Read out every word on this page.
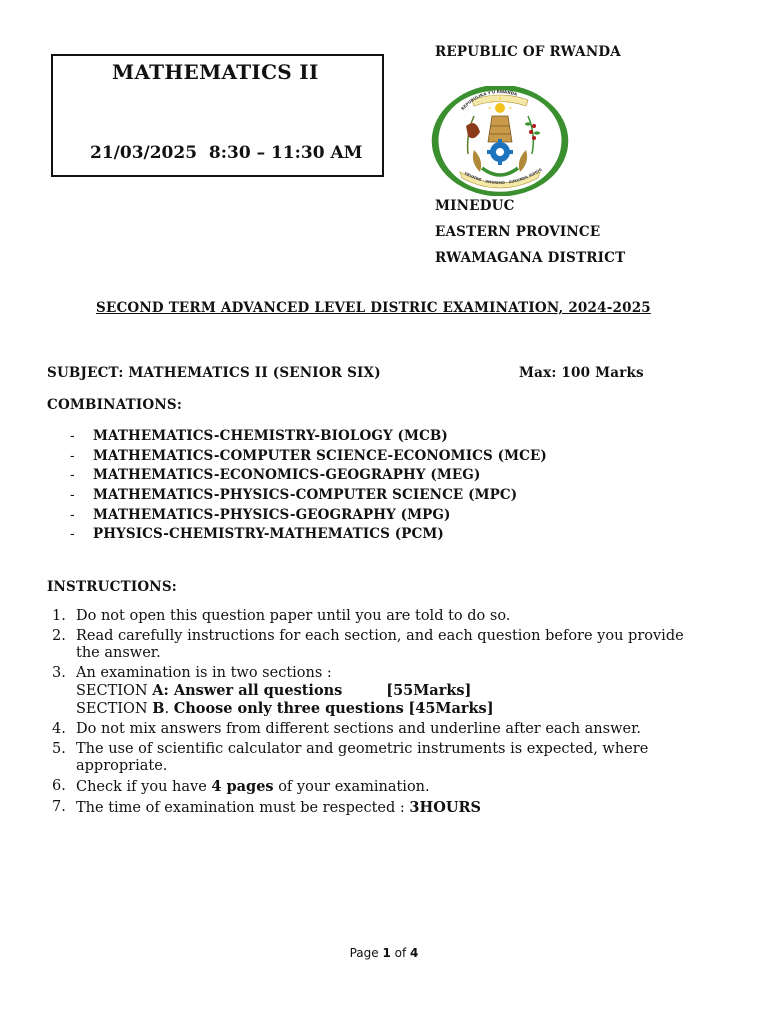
MATHEMATICS II
21/03/2025  8:30 – 11:30 AM
REPUBLIC OF RWANDA
REPUBULIKA Y'U RWANDA
UBUMWE · UMURIMO · GUKUNDA IGIHUG
MINEDUC
EASTERN PROVINCE
RWAMAGANA DISTRICT
SECOND TERM ADVANCED LEVEL DISTRIC EXAMINATION, 2024-2025
SUBJECT: MATHEMATICS II (SENIOR SIX)	Max: 100 Marks
COMBINATIONS:
- MATHEMATICS-CHEMISTRY-BIOLOGY (MCB)
- MATHEMATICS-COMPUTER SCIENCE-ECONOMICS (MCE)
- MATHEMATICS-ECONOMICS-GEOGRAPHY (MEG)
- MATHEMATICS-PHYSICS-COMPUTER SCIENCE (MPC)
- MATHEMATICS-PHYSICS-GEOGRAPHY (MPG)
- PHYSICS-CHEMISTRY-MATHEMATICS (PCM)
INSTRUCTIONS:
1. Do not open this question paper until you are told to do so.
2. Read carefully instructions for each section, and each question before you provide the answer.
3. An examination is in two sections :
SECTION A: Answer all questions	[55Marks]
SECTION B. Choose only three questions [45Marks]
4. Do not mix answers from different sections and underline after each answer.
5. The use of scientific calculator and geometric instruments is expected, where appropriate.
6. Check if you have 4 pages of your examination.
7. The time of examination must be respected : 3HOURS
Page 1 of 4
